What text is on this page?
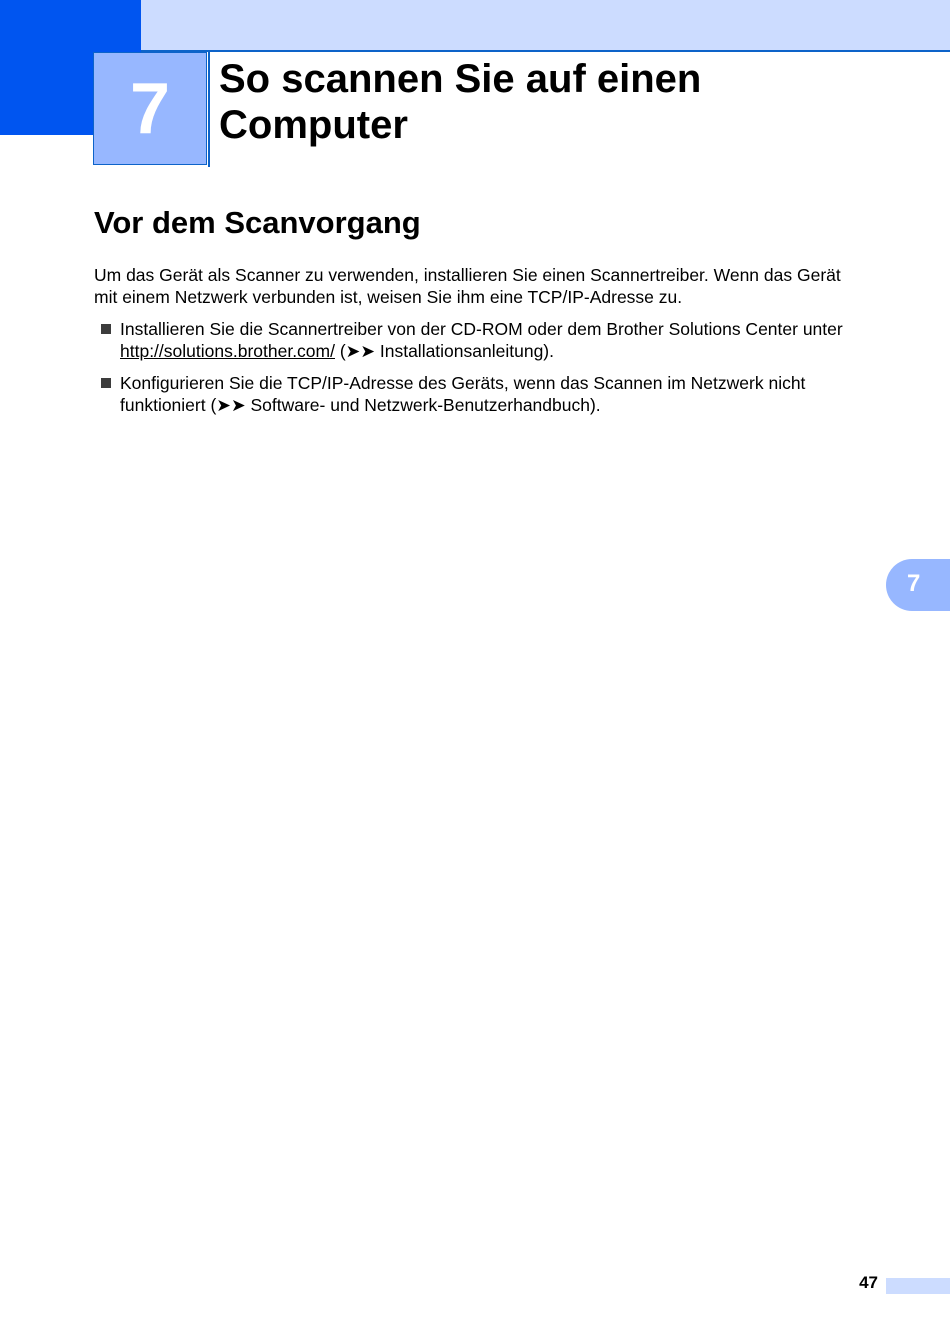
7 So scannen Sie auf einen
Computer
Vor dem Scanvorgang

Um das Gerät als Scanner zu verwenden, installieren Sie einen Scannertreiber. Wenn das Gerät
mit einem Netzwerk verbunden ist, weisen Sie ihm eine TCP/IP-Adresse zu.

Installieren Sie die Scannertreiber von der CD-ROM oder dem Brother Solutions Center unter
http://solutions.brother.com/ (➤➤ Installationsanleitung).
Konfigurieren Sie die TCP/IP-Adresse des Geräts, wenn das Scannen im Netzwerk nicht
funktioniert (➤➤ Software- und Netzwerk-Benutzerhandbuch).
7
47
